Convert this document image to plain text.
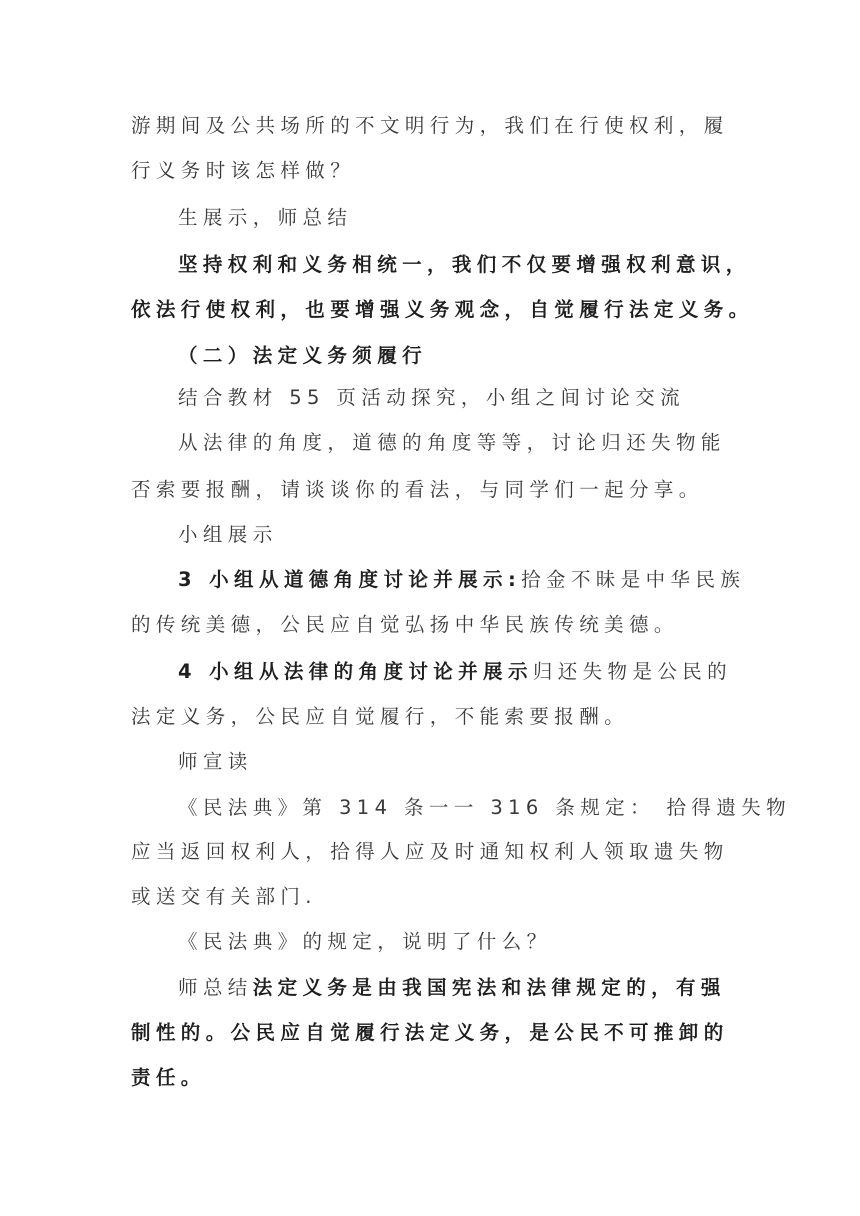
游期间及公共场所的不文明行为，我们在行使权利，履
行义务时该怎样做？
生展示，师总结
坚持权利和义务相统一，我们不仅要增强权利意识，
依法行使权利，也要增强义务观念，自觉履行法定义务。
（二）法定义务须履行
结合教材 55 页活动探究，小组之间讨论交流
从法律的角度，道德的角度等等，讨论归还失物能
否索要报酬，请谈谈你的看法，与同学们一起分享。
小组展示
3 小组从道德角度讨论并展示:拾金不昧是中华民族
的传统美德，公民应自觉弘扬中华民族传统美德。
4 小组从法律的角度讨论并展示归还失物是公民的
法定义务，公民应自觉履行，不能索要报酬。
师宣读
《民法典》第 314 条一一 316 条规定： 拾得遗失物
应当返回权利人，拾得人应及时通知权利人领取遗失物
或送交有关部门.
《民法典》的规定，说明了什么？
师总结法定义务是由我国宪法和法律规定的，有强
制性的。公民应自觉履行法定义务，是公民不可推卸的
责任。
